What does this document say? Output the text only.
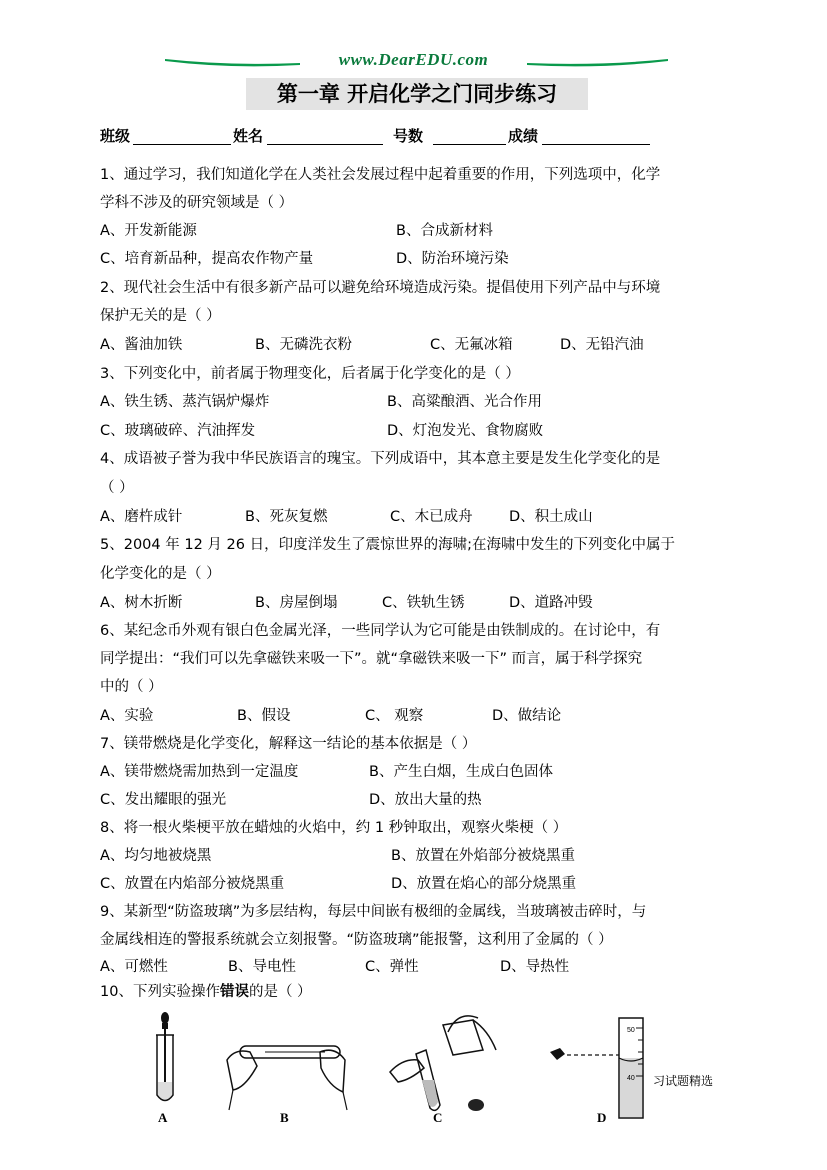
www.DearEDU.com
第一章 开启化学之门同步练习
班级	姓名	号数	成绩
1、通过学习，我们知道化学在人类社会发展过程中起着重要的作用，下列选项中，化学
学科不涉及的研究领域是（ ）
A、开发新能源	B、合成新材料
C、培育新品种，提高农作物产量	D、防治环境污染
2、现代社会生活中有很多新产品可以避免给环境造成污染。提倡使用下列产品中与环境
保护无关的是（ ）
A、酱油加铁	B、无磷洗衣粉	C、无氟冰箱	D、无铅汽油
3、下列变化中，前者属于物理变化，后者属于化学变化的是（ ）
A、铁生锈、蒸汽锅炉爆炸	B、高粱酿酒、光合作用
C、玻璃破碎、汽油挥发	D、灯泡发光、食物腐败
4、成语被子誉为我中华民族语言的瑰宝。下列成语中，其本意主要是发生化学变化的是
（ ）
A、磨杵成针	B、死灰复燃	C、木已成舟	D、积土成山
5、2004 年 12 月 26 日，印度洋发生了震惊世界的海啸;在海啸中发生的下列变化中属于
化学变化的是（ ）
A、树木折断	B、房屋倒塌	C、铁轨生锈	D、道路冲毁
6、某纪念币外观有银白色金属光泽，一些同学认为它可能是由铁制成的。在讨论中，有
同学提出：“我们可以先拿磁铁来吸一下”。就“拿磁铁来吸一下” 而言，属于科学探究
中的（ ）
A、实验	B、假设	C、 观察	D、做结论
7、镁带燃烧是化学变化，解释这一结论的基本依据是（ ）
A、镁带燃烧需加热到一定温度	B、产生白烟，生成白色固体
C、发出耀眼的强光	D、放出大量的热
8、将一根火柴梗平放在蜡烛的火焰中，约 1 秒钟取出，观察火柴梗（ ）
A、均匀地被烧黑	B、放置在外焰部分被烧黑重
C、放置在内焰部分被烧黑重	D、放置在焰心的部分烧黑重
9、某新型“防盗玻璃”为多层结构，每层中间嵌有极细的金属线，当玻璃被击碎时，与
金属线相连的警报系统就会立刻报警。“防盗玻璃”能报警，这利用了金属的（ ）
A、可燃性	B、导电性	C、弹性	D、导热性
10、下列实验操作错误的是（ ）
A	B	C
50
40
D
习试题精选
